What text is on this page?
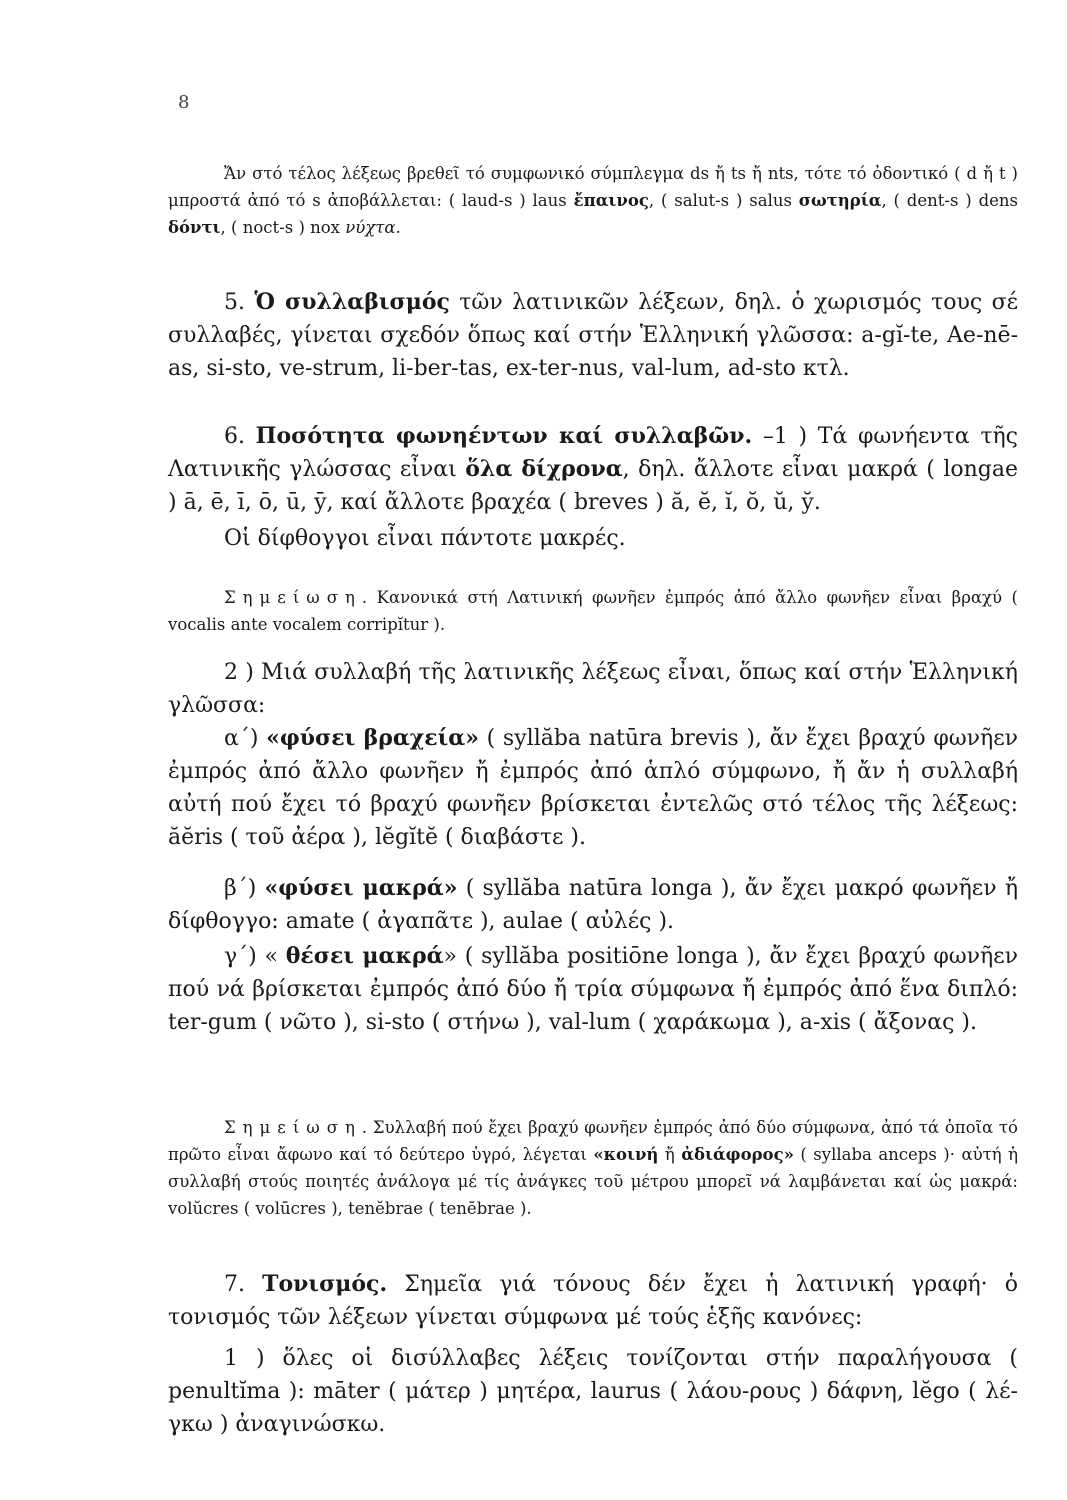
8

Ἄν στό τέλος λέξεως βρεθεῖ τό συμφωνικό σύμπλεγμα ds ἤ ts ἤ nts, τότε τό ὀδοντικό ( d ἤ t ) μπροστά ἀπό τό s ἀποβάλλεται: ( laud-s ) laus ἔπαινος, ( salut-s ) salus σωτηρία, ( dent-s ) dens δόντι, ( noct-s ) nox νύχτα.

5. Ὁ συλλαβισμός τῶν λατινικῶν λέξεων, δηλ. ὁ χωρισμός τους σέ συλλαβές, γίνεται σχεδόν ὅπως καί στήν Ἑλληνική γλῶσσα: a-gĭ-te, Ae-nē-as, si-sto, ve-strum, li-ber-tas, ex-ter-nus, val-lum, ad-sto κτλ.

6. Ποσότητα φωνηέντων καί συλλαβῶν. –1 ) Τά φωνήεντα τῆς Λατινικῆς γλώσσας εἶναι ὅλα δίχρονα, δηλ. ἄλλοτε εἶναι μακρά ( longae ) ā, ē, ī, ō, ū, ȳ, καί ἄλλοτε βραχέα ( breves ) ă, ĕ, ĭ, ŏ, ŭ, y̆.

Οἱ δίφθογγοι εἶναι πάντοτε μακρές.

Σημείωση. Κανονικά στή Λατινική φωνῆεν ἐμπρός ἀπό ἄλλο φωνῆεν εἶναι βραχύ ( vocalis ante vocalem corripĭtur ).

2 ) Μιά συλλαβή τῆς λατινικῆς λέξεως εἶναι, ὅπως καί στήν Ἑλληνική γλῶσσα:

α΄) «φύσει βραχεία» ( syllăba natūra brevis ), ἄν ἔχει βραχύ φωνῆεν ἐμπρός ἀπό ἄλλο φωνῆεν ἤ ἐμπρός ἀπό ἁπλό σύμφωνο, ἤ ἄν ἡ συλλαβή αὐτή πού ἔχει τό βραχύ φωνῆεν βρίσκεται ἐντελῶς στό τέλος τῆς λέξεως: ăĕris ( τοῦ ἀέρα ), lĕgĭtĕ ( διαβάστε ).

β΄) «φύσει μακρά» ( syllăba natūra longa ), ἄν ἔχει μακρό φωνῆεν ἤ δίφθογγο: amate ( ἀγαπᾶτε ), aulae ( αὐλές ).

γ΄) « θέσει μακρά» ( syllăba positiōne longa ), ἄν ἔχει βραχύ φωνῆεν πού νά βρίσκεται ἐμπρός ἀπό δύο ἤ τρία σύμφωνα ἤ ἐμπρός ἀπό ἕνα διπλό: ter-gum ( νῶτο ), si-sto ( στήνω ), val-lum ( χαράκωμα ), a-xis ( ἄξονας ).

Σημείωση. Συλλαβή πού ἔχει βραχύ φωνῆεν ἐμπρός ἀπό δύο σύμφωνα, ἀπό τά ὁποῖα τό πρῶτο εἶναι ἄφωνο καί τό δεύτερο ὑγρό, λέγεται «κοινή ἤ ἀδιάφορος» ( syllaba anceps )· αὐτή ἡ συλλαβή στούς ποιητές ἀνάλογα μέ τίς ἀνάγκες τοῦ μέτρου μπορεῖ νά λαμβάνεται καί ὡς μακρά: volŭcres ( volūcres ), tenĕbrae ( tenēbrae ).

7. Τονισμός. Σημεῖα γιά τόνους δέν ἔχει ἡ λατινική γραφή· ὁ τονισμός τῶν λέξεων γίνεται σύμφωνα μέ τούς ἑξῆς κανόνες:

1 ) ὅλες οἱ δισύλλαβες λέξεις τονίζονται στήν παραλήγουσα ( penultĭma ): māter ( μάτερ ) μητέρα, laurus ( λάου-ρους ) δάφνη, lĕgo ( λέ-γκω ) ἀναγινώσκω.
